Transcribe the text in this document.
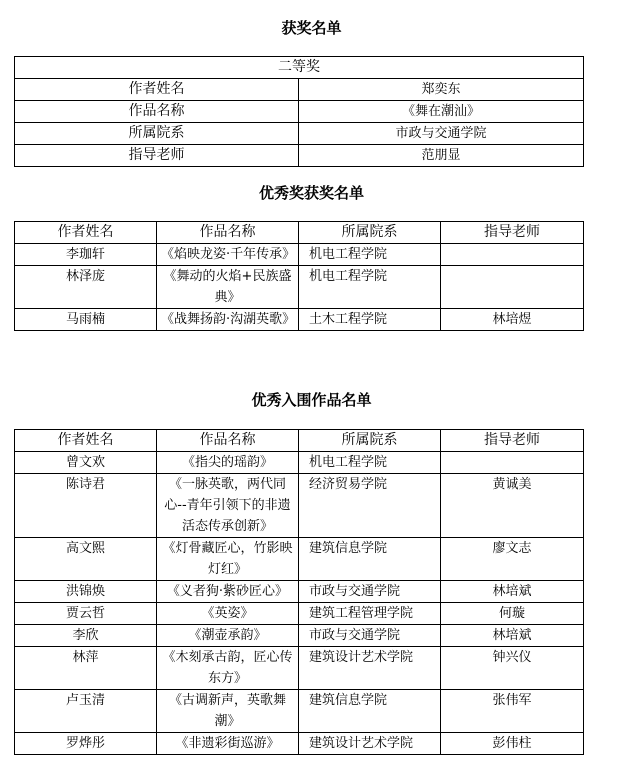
获奖名单
二等奖	
作者姓名	郑奕东
作品名称	《舞在潮汕》
所属院系	市政与交通学院
指导老师	范朋显
优秀奖获奖名单
作者姓名	作品名称	所属院系	指导老师
李珈轩	《焰映龙姿·千年传承》	机电工程学院	
林泽庞	《舞动的火焰+民族盛典》	机电工程学院	
马雨楠	《战舞扬韵·沟湖英歌》	土木工程学院	林培煜
优秀入围作品名单
作者姓名	作品名称	所属院系	指导老师
曾文欢	《指尖的瑶韵》	机电工程学院	
陈诗君	《一脉英歌，两代同心--青年引领下的非遗活态传承创新》	经济贸易学院	黄诚美
高文熙	《灯骨藏匠心，竹影映灯红》	建筑信息学院	廖文志
洪锦焕	《义者狗·紫砂匠心》	市政与交通学院	林培斌
贾云哲	《英姿》	建筑工程管理学院	何璇
李欣	《潮壶承韵》	市政与交通学院	林培斌
林萍	《木刻承古韵，匠心传东方》	建筑设计艺术学院	钟兴仪
卢玉清	《古调新声，英歌舞潮》	建筑信息学院	张伟军
罗烨彤	《非遗彩街巡游》	建筑设计艺术学院	彭伟柱
